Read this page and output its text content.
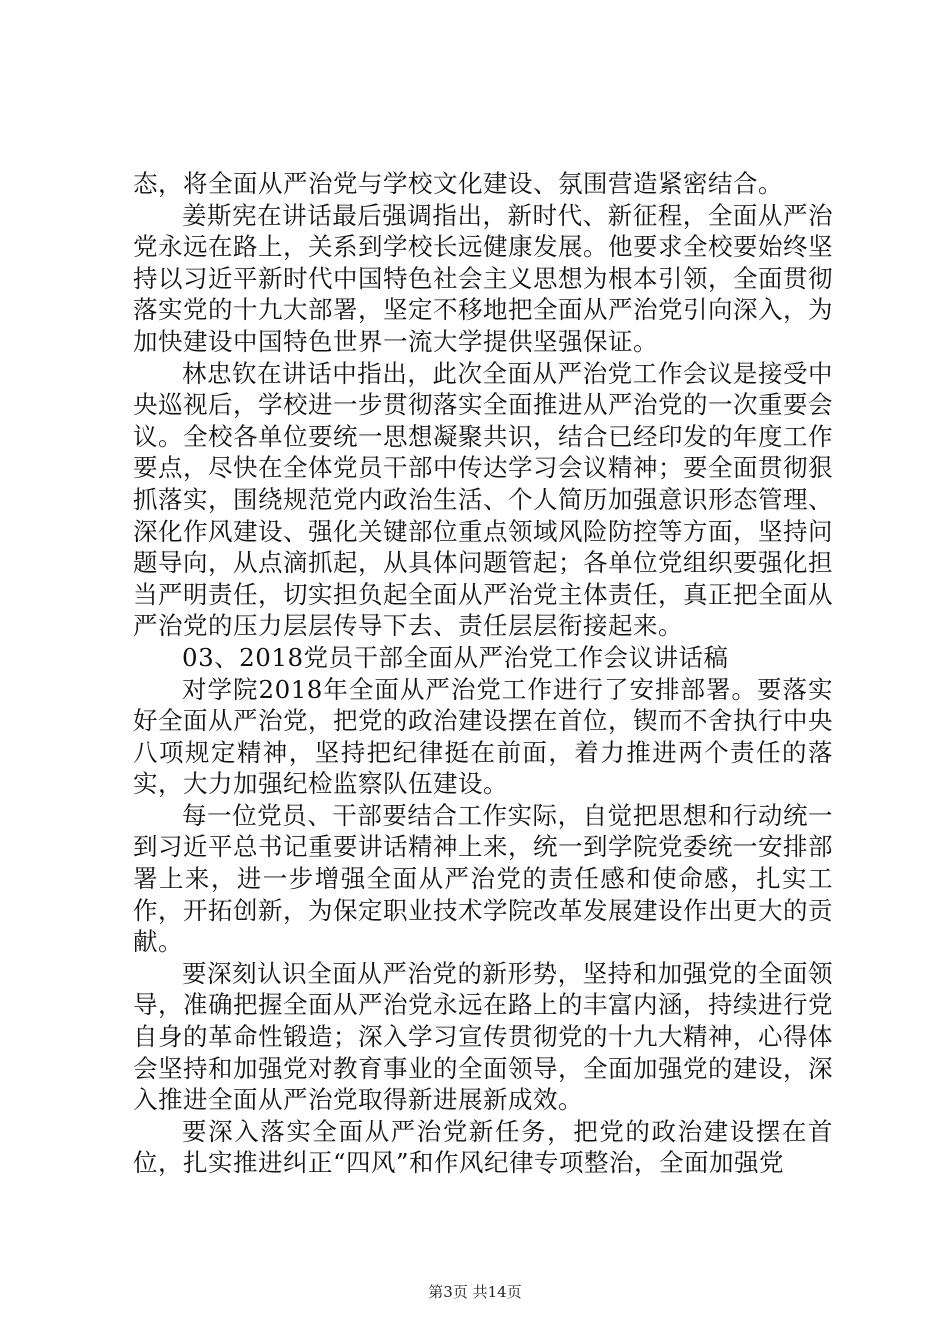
态，将全面从严治党与学校文化建设、氛围营造紧密结合。

姜斯宪在讲话最后强调指出，新时代、新征程，全面从严治党永远在路上，关系到学校长远健康发展。他要求全校要始终坚持以习近平新时代中国特色社会主义思想为根本引领，全面贯彻落实党的十九大部署，坚定不移地把全面从严治党引向深入，为加快建设中国特色世界一流大学提供坚强保证。

林忠钦在讲话中指出，此次全面从严治党工作会议是接受中央巡视后，学校进一步贯彻落实全面推进从严治党的一次重要会议。全校各单位要统一思想凝聚共识，结合已经印发的年度工作要点，尽快在全体党员干部中传达学习会议精神；要全面贯彻狠抓落实，围绕规范党内政治生活、个人简历加强意识形态管理、深化作风建设、强化关键部位重点领域风险防控等方面，坚持问题导向，从点滴抓起，从具体问题管起；各单位党组织要强化担当严明责任，切实担负起全面从严治党主体责任，真正把全面从严治党的压力层层传导下去、责任层层衔接起来。

03、2018党员干部全面从严治党工作会议讲话稿

对学院2018年全面从严治党工作进行了安排部署。要落实好全面从严治党，把党的政治建设摆在首位，锲而不舍执行中央八项规定精神，坚持把纪律挺在前面，着力推进两个责任的落实，大力加强纪检监察队伍建设。

每一位党员、干部要结合工作实际，自觉把思想和行动统一到习近平总书记重要讲话精神上来，统一到学院党委统一安排部署上来，进一步增强全面从严治党的责任感和使命感，扎实工作，开拓创新，为保定职业技术学院改革发展建设作出更大的贡献。

要深刻认识全面从严治党的新形势，坚持和加强党的全面领导，准确把握全面从严治党永远在路上的丰富内涵，持续进行党自身的革命性锻造；深入学习宣传贯彻党的十九大精神，心得体会坚持和加强党对教育事业的全面领导，全面加强党的建设，深入推进全面从严治党取得新进展新成效。

要深入落实全面从严治党新任务，把党的政治建设摆在首位，扎实推进纠正“四风”和作风纪律专项整治，全面加强党

第3页 共14页
